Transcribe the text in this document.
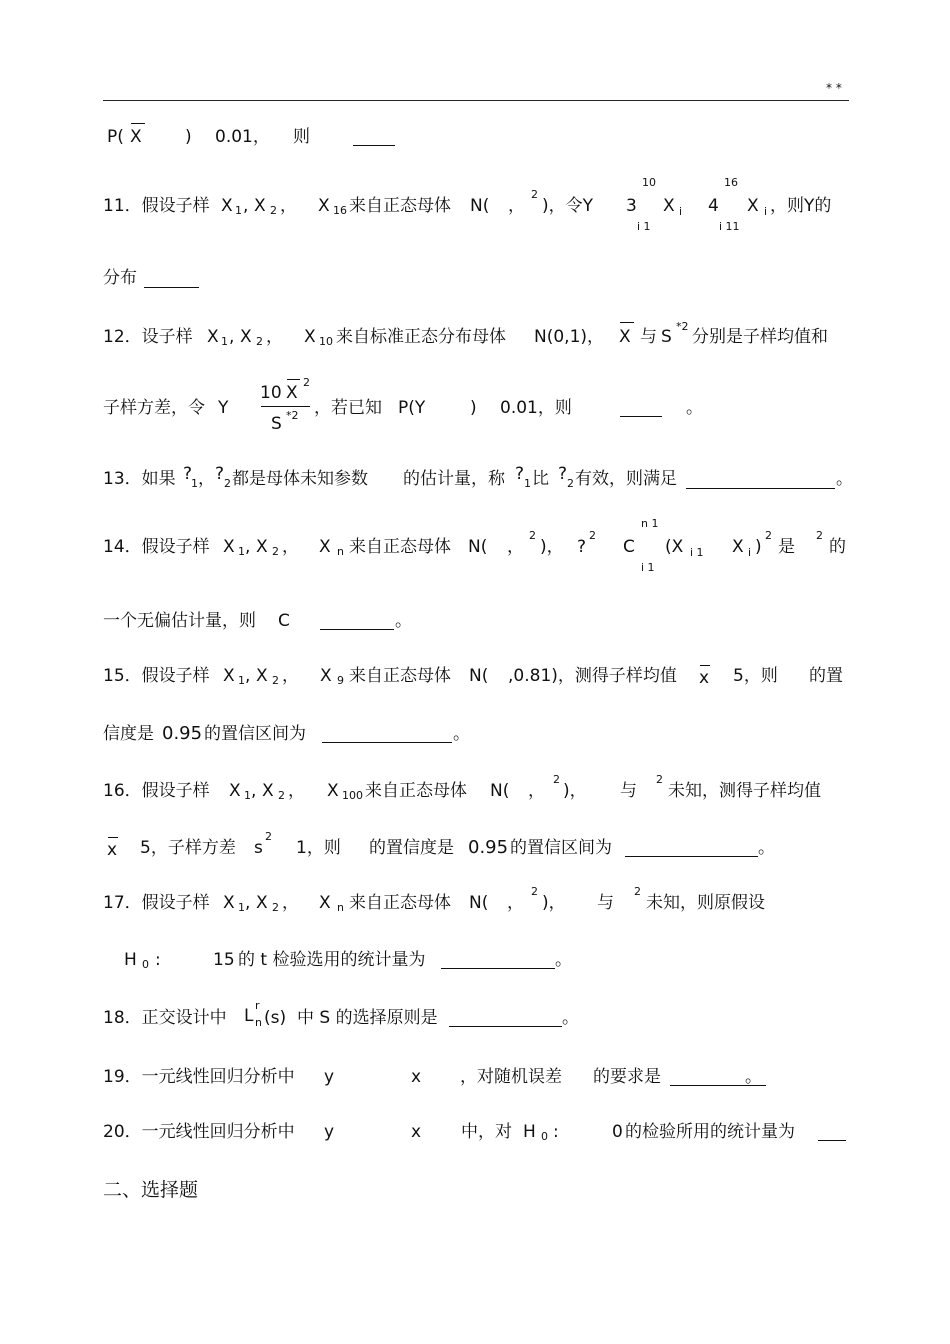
* *
P( X	) 0.01， 则
11．假设子样 X 1 , X 2 ， X 16 来自正态母体 N( ，
2
)，令Y 3
10
X i
i 1
4
16
X i
i 11
，则Y的
分布
12．设子样 X 1 , X 2 ， X 10 来自标准正态分布母体 N(0,1)， X 与 S
*2
分别是子样均值和
子样方差，令 Y
10 X
2
S *2 ，若已知 P(Y	) 0.01，则	。
13．如果 ?
1 ， ? 2 都是母体未知参数 的估计量，称 ? 1 比 ? 2 有效，则满足	。
14．假设子样 X 1 , X 2 ， X n 来自正态母体 N( ，
2
)， ?
2
C
n 1
i 1
(X i 1 X i )
2
是
2
的
一个无偏估计量，则 C	。
15．假设子样 X 1 , X 2 ， X 9 来自正态母体 N( ,0.81)，测得子样均值 x 5，则 的置
信度是 0.95 的置信区间为	。
16．假设子样 X 1 , X 2 ， X 100 来自正态母体 N( ，
2
)， 与
2
未知，测得子样均值
x 5，子样方差 s
2
1，则 的置信度是 0.95 的置信区间为	。
17．假设子样 X 1 , X 2 ， X n 来自正态母体 N( ，
2
)， 与
2
未知，则原假设
H 0 :	15 的 t 检验选用的统计量为	。
18．正交设计中 L
r
n (s) 中 S 的选择原则是	。
19．一元线性回归分析中 y	x ，对随机误差 的要求是	。
20．一元线性回归分析中 y	x 中，对 H 0 :	0 的检验所用的统计量为
二、选择题
